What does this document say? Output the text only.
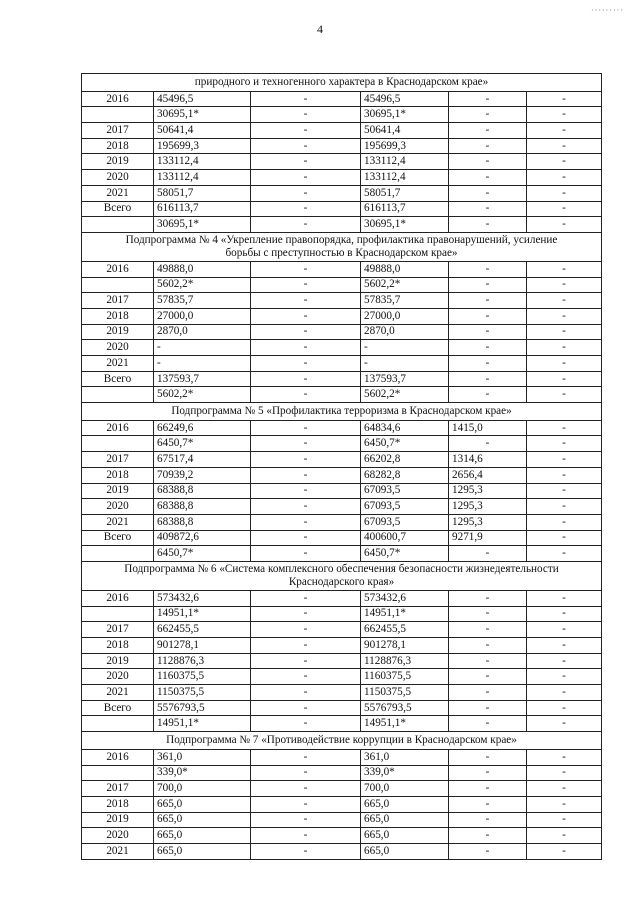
4
·········
природного и техногенного характера в Краснодарском крае»					
2016	45496,5	-	45496,5	-	-
	30695,1*	-	30695,1*	-	-
2017	50641,4	-	50641,4	-	-
2018	195699,3	-	195699,3	-	-
2019	133112,4	-	133112,4	-	-
2020	133112,4	-	133112,4	-	-
2021	58051,7	-	58051,7	-	-
Всего	616113,7	-	616113,7	-	-
	30695,1*	-	30695,1*	-	-
Подпрограмма № 4 «Укрепление правопорядка, профилактика правонарушений, усиление
борьбы с преступностью в Краснодарском крае»					
2016	49888,0	-	49888,0	-	-
	5602,2*	-	5602,2*	-	-
2017	57835,7	-	57835,7	-	-
2018	27000,0	-	27000,0	-	-
2019	2870,0	-	2870,0	-	-
2020	-	-	-	-	-
2021	-	-	-	-	-
Всего	137593,7	-	137593,7	-	-
	5602,2*	-	5602,2*	-	-
Подпрограмма № 5 «Профилактика терроризма в Краснодарском крае»					
2016	66249,6	-	64834,6	1415,0	-
	6450,7*	-	6450,7*	-	-
2017	67517,4	-	66202,8	1314,6	-
2018	70939,2	-	68282,8	2656,4	-
2019	68388,8	-	67093,5	1295,3	-
2020	68388,8	-	67093,5	1295,3	-
2021	68388,8	-	67093,5	1295,3	-
Всего	409872,6	-	400600,7	9271,9	-
	6450,7*	-	6450,7*	-	-
Подпрограмма № 6 «Система комплексного обеспечения безопасности жизнедеятельности
Краснодарского края»					
2016	573432,6	-	573432,6	-	-
	14951,1*	-	14951,1*	-	-
2017	662455,5	-	662455,5	-	-
2018	901278,1	-	901278,1	-	-
2019	1128876,3	-	1128876,3	-	-
2020	1160375,5	-	1160375,5	-	-
2021	1150375,5	-	1150375,5	-	-
Всего	5576793,5	-	5576793,5	-	-
	14951,1*	-	14951,1*	-	-
Подпрограмма № 7 «Противодействие коррупции в Краснодарском крае»					
2016	361,0	-	361,0	-	-
	339,0*	-	339,0*	-	-
2017	700,0	-	700,0	-	-
2018	665,0	-	665,0	-	-
2019	665,0	-	665,0	-	-
2020	665,0	-	665,0	-	-
2021	665,0	-	665,0	-	-
